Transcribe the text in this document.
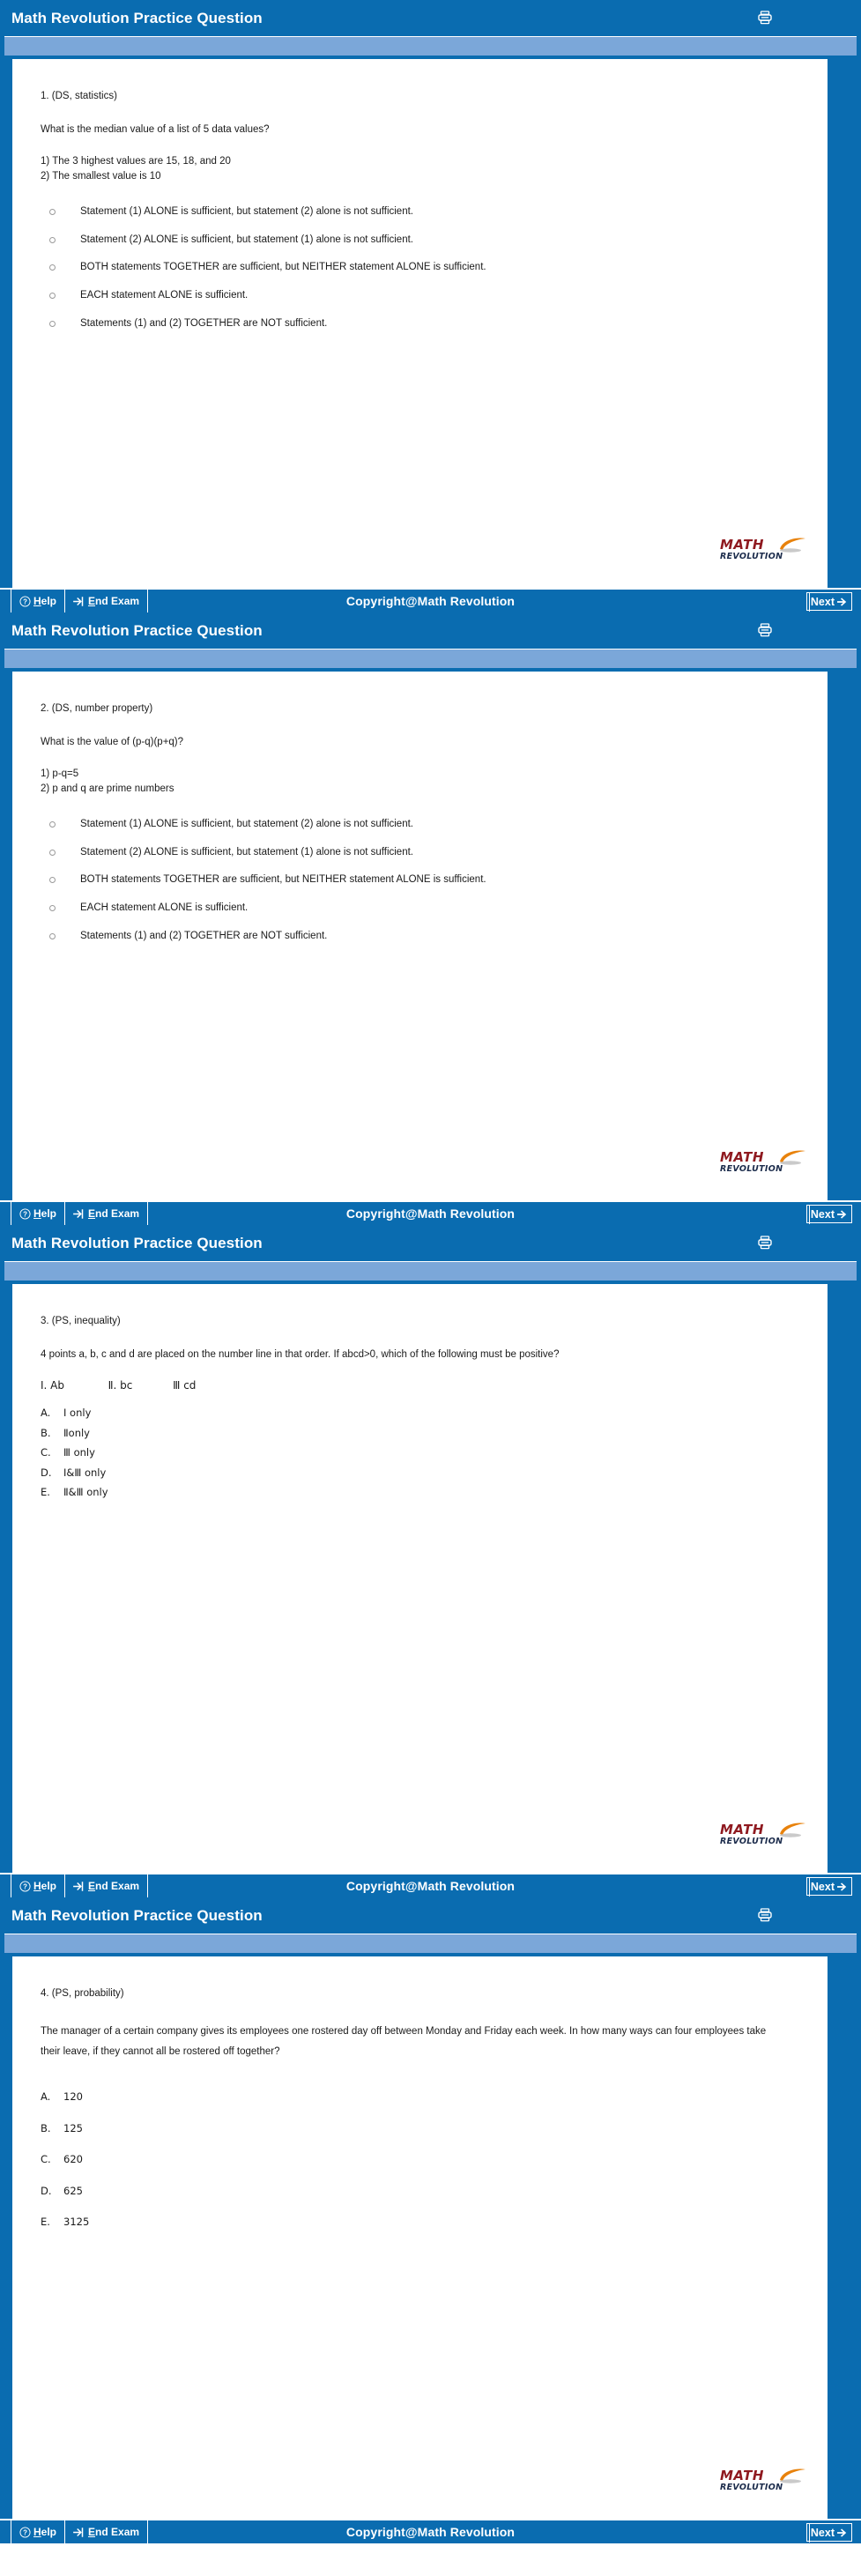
Math Revolution Practice Question
1. (DS, statistics)
What is the median value of a list of 5 data values?
1) The 3 highest values are 15, 18, and 20
2) The smallest value is 10
Statement (1) ALONE is sufficient, but statement (2) alone is not sufficient.
Statement (2) ALONE is sufficient, but statement (1) alone is not sufficient.
BOTH statements TOGETHER are sufficient, but NEITHER statement ALONE is sufficient.
EACH statement ALONE is sufficient.
Statements (1) and (2) TOGETHER are NOT sufficient.
MATH
REVOLUTION
? Help	End Exam	Copyright@Math Revolution	Next
Math Revolution Practice Question
2. (DS, number property)
What is the value of (p-q)(p+q)?
1) p-q=5
2) p and q are prime numbers
Statement (1) ALONE is sufficient, but statement (2) alone is not sufficient.
Statement (2) ALONE is sufficient, but statement (1) alone is not sufficient.
BOTH statements TOGETHER are sufficient, but NEITHER statement ALONE is sufficient.
EACH statement ALONE is sufficient.
Statements (1) and (2) TOGETHER are NOT sufficient.
MATH
REVOLUTION
? Help	End Exam	Copyright@Math Revolution	Next
Math Revolution Practice Question
3. (PS, inequality)
4 points a, b, c and d are placed on the number line in that order. If abcd>0, which of the following must be positive?
Ⅰ. Ab             Ⅱ. bc            Ⅲ cd
A. Ⅰ only
B. Ⅱonly
C. Ⅲ only
D. Ⅰ&Ⅲ only
E. Ⅱ&Ⅲ only
MATH
REVOLUTION
? Help	End Exam	Copyright@Math Revolution	Next
Math Revolution Practice Question
4. (PS, probability)
The manager of a certain company gives its employees one rostered day off between Monday and Friday each week. In how many ways can four employees take their leave, if they cannot all be rostered off together?
A. 120
B. 125
C. 620
D. 625
E. 3125
MATH
REVOLUTION
? Help	End Exam	Copyright@Math Revolution	Next
